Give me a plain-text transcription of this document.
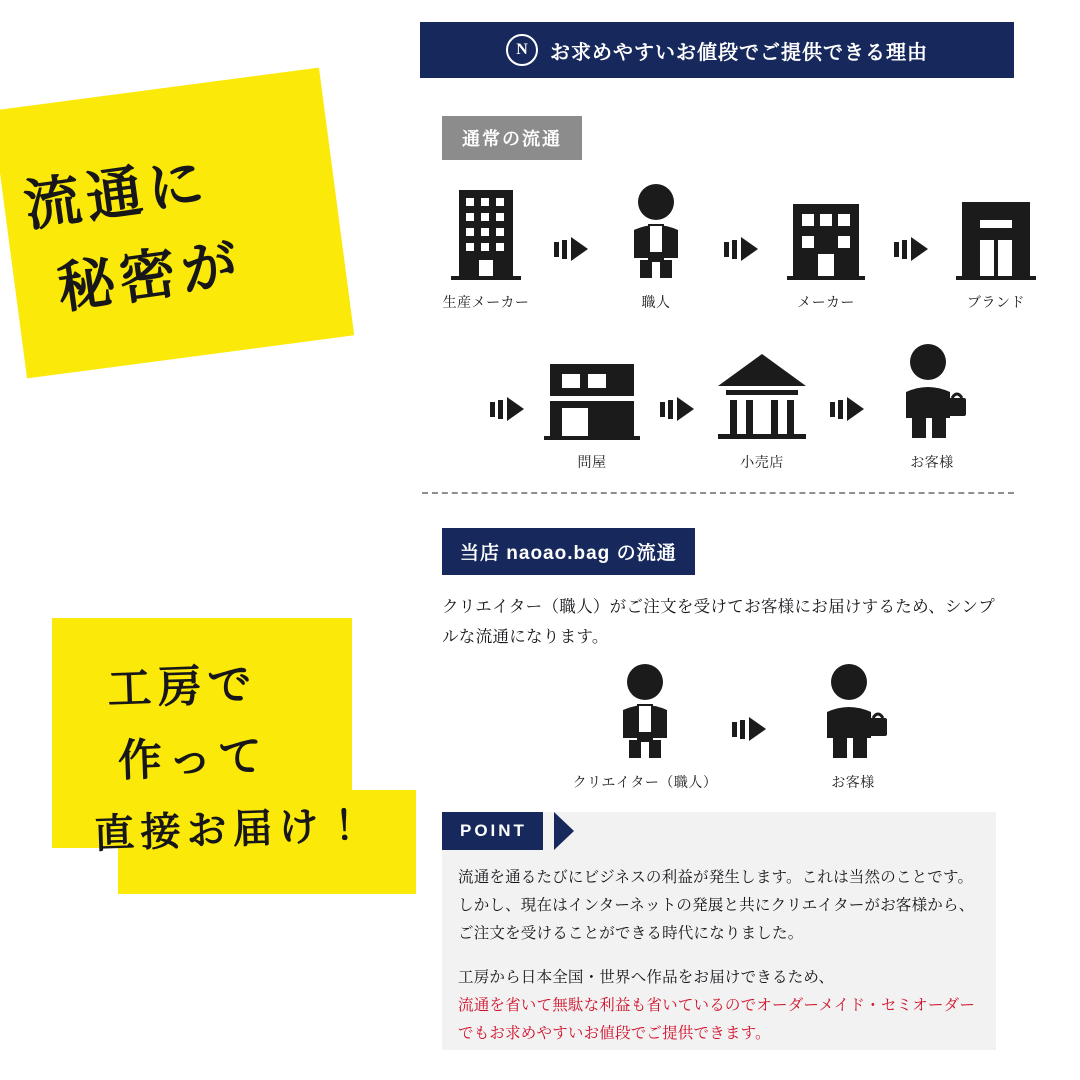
流通に
秘密が
工房で
作って
直接お届け！
N	お求めやすいお値段でご提供できる理由
通常の流通
生産メーカー	職人	メーカー	ブランド
問屋	小売店	お客様
当店 naoao.bag の流通
クリエイター（職人）がご注文を受けてお客様にお届けするため、シンプルな流通になります。
クリエイター（職人）	お客様
POINT

流通を通るたびにビジネスの利益が発生します。これは当然のことです。しかし、現在はインターネットの発展と共にクリエイターがお客様から、ご注文を受けることができる時代になりました。

工房から日本全国・世界へ作品をお届けできるため、

流通を省いて無駄な利益も省いているのでオーダーメイド・セミオーダーでもお求めやすいお値段でご提供できます。
